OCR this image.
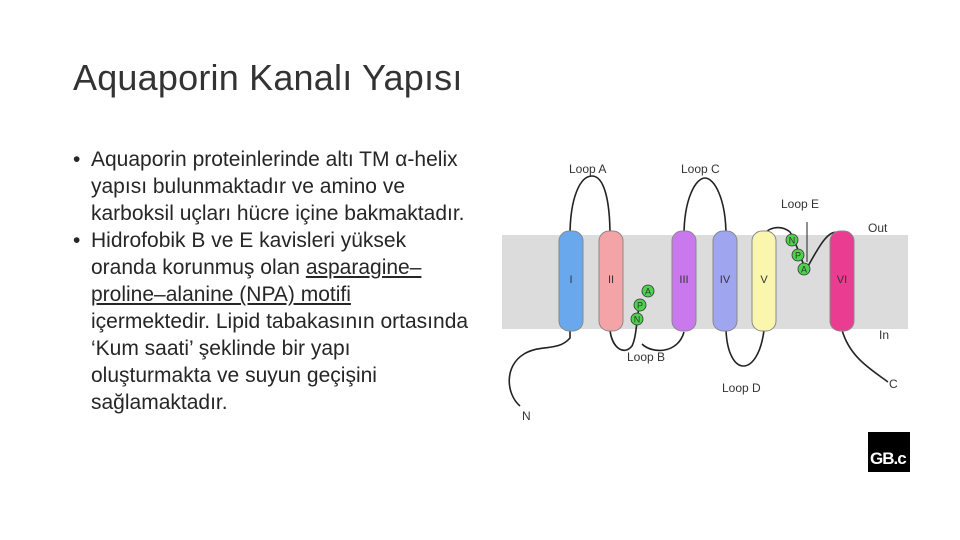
Aquaporin Kanalı Yapısı

• Aquaporin proteinlerinde altı TM α-helix yapısı bulunmaktadır ve amino ve karboksil uçları hücre içine bakmaktadır.

• Hidrofobik B ve E kavisleri yüksek oranda korunmuş olan asparagine–proline–alanine (NPA) motifi içermektedir. Lipid tabakasının ortasında ‘Kum saati’ şeklinde bir yapı oluşturmakta ve suyun geçişini sağlamaktadır.

I	II	III	IV	V	VI
A
P
N
N
P
A
Loop A	Loop C
Loop E
Loop B
Loop D
Out
In
N
C
GB.c
